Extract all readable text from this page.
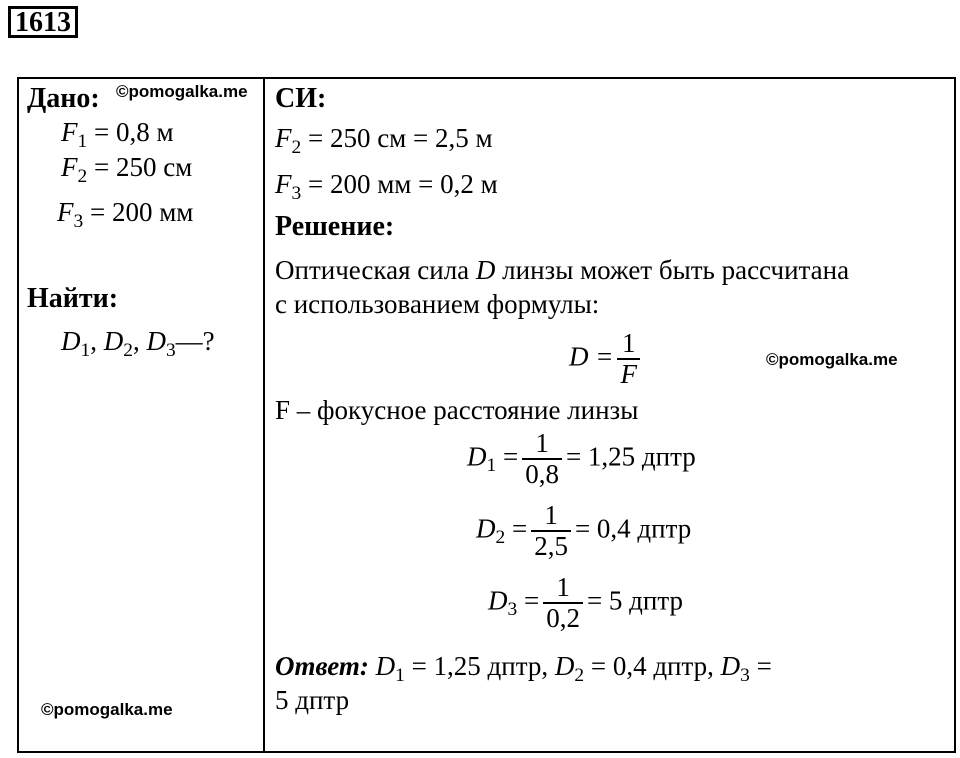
1613
Дано: ©pomogalka.me
$F_1 = 0,8$ м
$F_2 = 250$ см
$F_3 = 200$ мм
Найти:
$D_1$, $D_2$, $D_3—$?
©pomogalka.me
СИ:
$F_2 = 250$ см = 2,5 м
$F_3 = 200$ мм = 0,2 м
Решение:
Оптическая сила D линзы может быть рассчитана
с использованием формулы:
$D = \frac{1}{F}$	©pomogalka.me
F – фокусное расстояние линзы
$D_1 = \frac{1}{0,8} = 1,25$ дптр
$D_2 = \frac{1}{2,5} = 0,4$ дптр
$D_3 = \frac{1}{0,2} = 5$ дптр
Ответ: $D_1 = 1,25$ дптр, $D_2 = 0,4$ дптр, $D_3$ =
5 дптр
